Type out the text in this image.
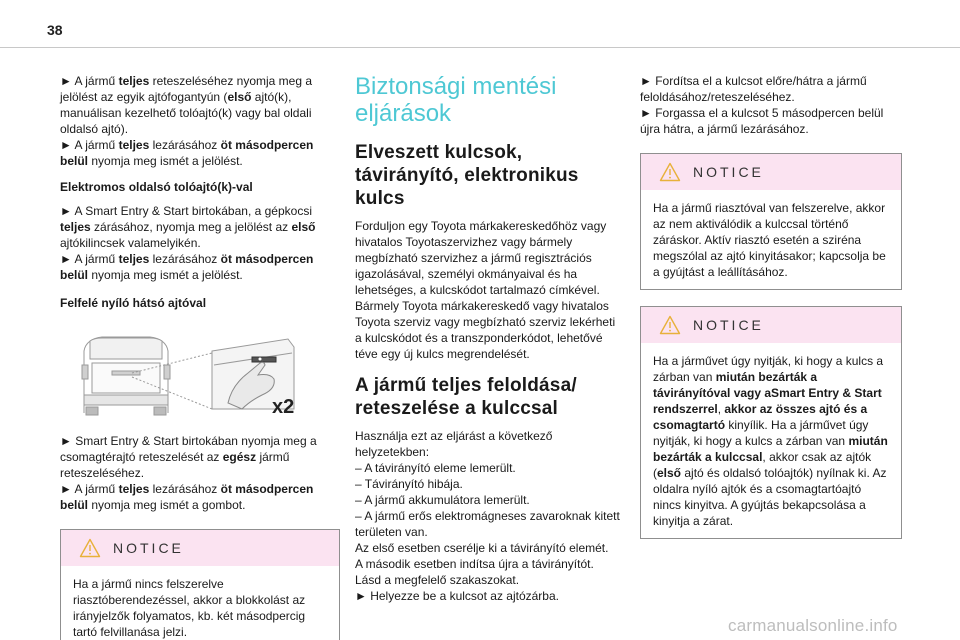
38

► A jármű teljes reteszeléséhez nyomja meg a jelölést az egyik ajtófogantyún (első ajtó(k), manuálisan kezelhető tolóajtó(k) vagy bal oldali oldalsó ajtó).

► A jármű teljes lezárásához öt másodpercen belül nyomja meg ismét a jelölést.

Elektromos oldalsó tolóajtó(k)-val

► A Smart Entry & Start birtokában, a gépkocsi teljes zárásához, nyomja meg a jelölést az első ajtókilincsek valamelyikén.

► A jármű teljes lezárásához öt másodpercen belül nyomja meg ismét a jelölést.

Felfelé nyíló hátsó ajtóval
x2

► Smart Entry & Start birtokában nyomja meg a csomagtérajtó reteszelését az egész jármű reteszeléséhez.

► A jármű teljes lezárásához öt másodpercen belül nyomja meg ismét a gombot.

NOTICE
Ha a jármű nincs felszerelve riasztóberendezéssel, akkor a blokkolást az irányjelzők folyamatos, kb. két másodpercig tartó felvillanása jelzi.
Biztonsági mentési eljárások
Elveszett kulcsok, távirányító, elektronikus kulcs

Forduljon egy Toyota márkakereskedőhöz vagy hivatalos Toyotaszervizhez vagy bármely megbízható szervizhez a jármű regisztrációs igazolásával, személyi okmányaival és ha lehetséges, a kulcskódot tartalmazó címkével. Bármely Toyota márkakereskedő vagy hivatalos Toyota szerviz vagy megbízható szerviz lekérheti a kulcskódot és a transzponderkódot, lehetővé téve egy új kulcs megrendelését.

A jármű teljes feloldása/ reteszelése a kulccsal

Használja ezt az eljárást a következő helyzetekben:

– A távirányító eleme lemerült.
– Távirányító hibája.
– A jármű akkumulátora lemerült.
– A jármű erős elektromágneses zavaroknak kitett területen van.

Az első esetben cserélje ki a távirányító elemét.

A második esetben indítsa újra a távirányítót.

Lásd a megfelelő szakaszokat.

► Helyezze be a kulcsot az ajtózárba.

► Fordítsa el a kulcsot előre/hátra a jármű feloldásához/reteszeléséhez.

► Forgassa el a kulcsot 5 másodpercen belül újra hátra, a jármű lezárásához.

NOTICE
Ha a jármű riasztóval van felszerelve, akkor az nem aktiválódik a kulccsal történő záráskor. Aktív riasztó esetén a sziréna megszólal az ajtó kinyitásakor; kapcsolja be a gyújtást a leállításához.
NOTICE
Ha a járművet úgy nyitják, ki hogy a kulcs a zárban van miután bezárták a távirányítóval vagy aSmart Entry & Start rendszerrel, akkor az összes ajtó és a csomagtartó kinyílik. Ha a járművet úgy nyitják, ki hogy a kulcs a zárban van miután bezárták a kulccsal, akkor csak az ajtók (első ajtó és oldalsó tolóajtók) nyílnak ki. Az oldalra nyíló ajtók és a csomagtartóajtó nincs kinyitva. A gyújtás bekapcsolása a kinyitja a zárat.
carmanualsonline.info
